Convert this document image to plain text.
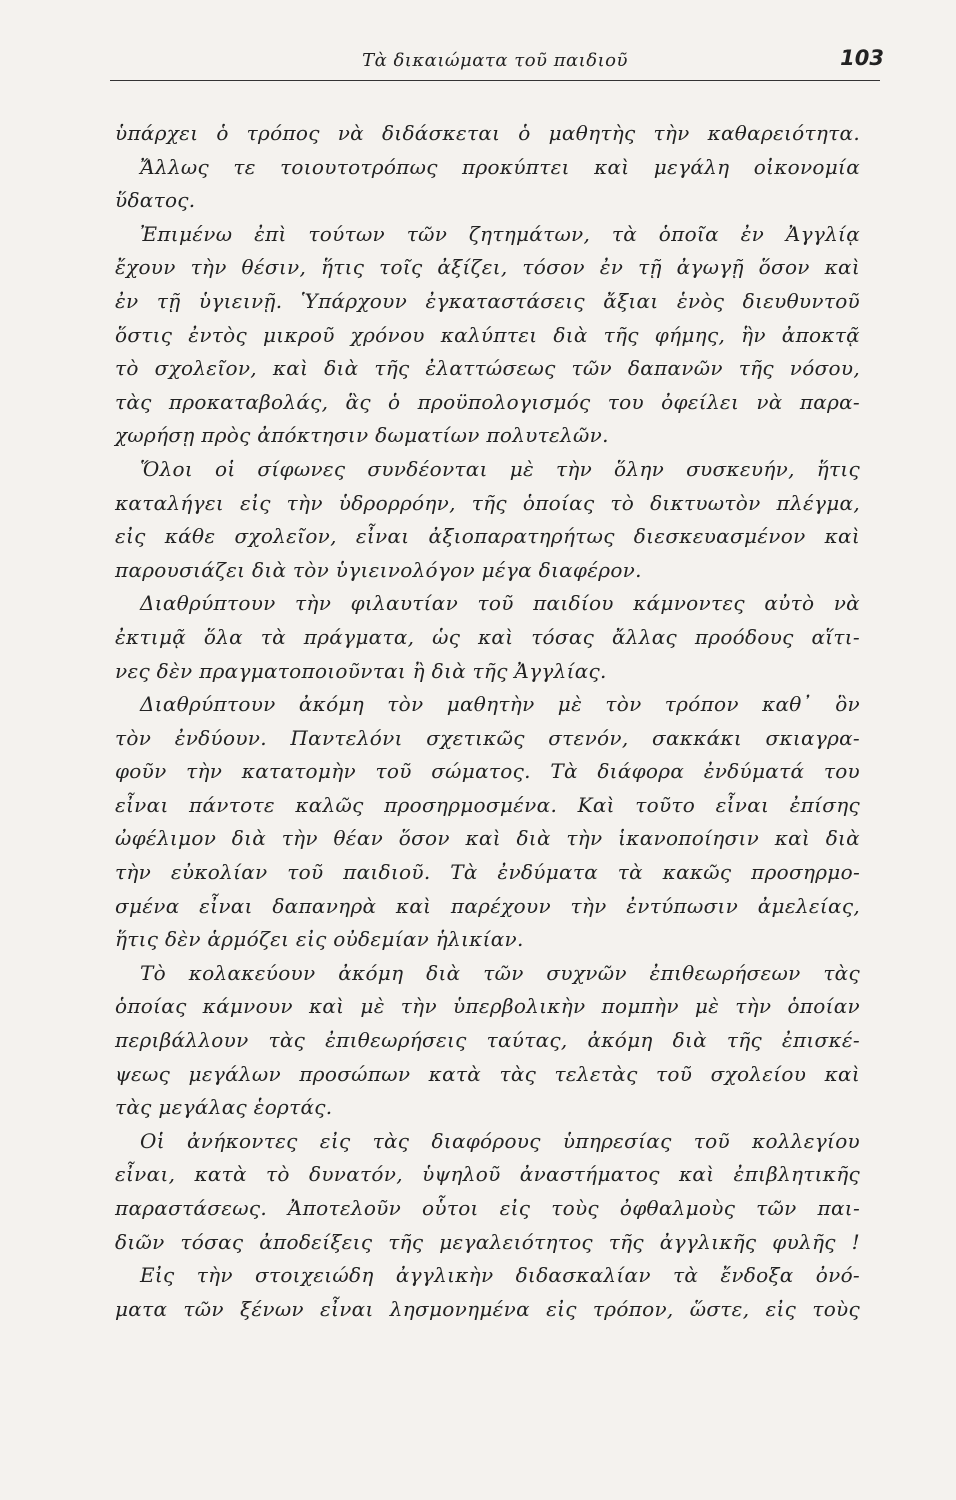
Τὰ δικαιώματα τοῦ παιδιοῦ	103
ὑπάρχει ὁ τρόπος νὰ διδάσκεται ὁ μαθητὴς τὴν καθαρειότητα.
Ἄλλως τε τοιουτοτρόπως προκύπτει καὶ μεγάλη οἰκονομία
ὕδατος.
Ἐπιμένω ἐπὶ τούτων τῶν ζητημάτων, τὰ ὁποῖα ἐν Ἀγγλίᾳ
ἔχουν τὴν θέσιν, ἥτις τοῖς ἀξίζει, τόσον ἐν τῇ ἀγωγῇ ὅσον καὶ
ἐν τῇ ὑγιεινῇ. Ὑπάρχουν ἐγκαταστάσεις ἄξιαι ἑνὸς διευθυντοῦ
ὅστις ἐντὸς μικροῦ χρόνου καλύπτει διὰ τῆς φήμης, ἣν ἀποκτᾷ
τὸ σχολεῖον, καὶ διὰ τῆς ἐλαττώσεως τῶν δαπανῶν τῆς νόσου,
τὰς προκαταβολάς, ἃς ὁ προϋπολογισμός του ὀφείλει νὰ παρα-
χωρήσῃ πρὸς ἀπόκτησιν δωματίων πολυτελῶν.
Ὅλοι οἱ σίφωνες συνδέονται μὲ τὴν ὅλην συσκευήν, ἥτις
καταλήγει εἰς τὴν ὑδρορρόην, τῆς ὁποίας τὸ δικτυωτὸν πλέγμα,
εἰς κάθε σχολεῖον, εἶναι ἀξιοπαρατηρήτως διεσκευασμένον καὶ
παρουσιάζει διὰ τὸν ὑγιεινολόγον μέγα διαφέρον.
Διαθρύπτουν τὴν φιλαυτίαν τοῦ παιδίου κάμνοντες αὐτὸ νὰ
ἐκτιμᾷ ὅλα τὰ πράγματα, ὡς καὶ τόσας ἄλλας προόδους αἵτι-
νες δὲν πραγματοποιοῦνται ἢ διὰ τῆς Ἀγγλίας.
Διαθρύπτουν ἀκόμη τὸν μαθητὴν μὲ τὸν τρόπον καθ᾽ ὃν
τὸν ἐνδύουν. Παντελόνι σχετικῶς στενόν, σακκάκι σκιαγρα-
φοῦν τὴν κατατομὴν τοῦ σώματος. Τὰ διάφορα ἐνδύματά του
εἶναι πάντοτε καλῶς προσηρμοσμένα. Καὶ τοῦτο εἶναι ἐπίσης
ὠφέλιμον διὰ τὴν θέαν ὅσον καὶ διὰ τὴν ἱκανοποίησιν καὶ διὰ
τὴν εὐκολίαν τοῦ παιδιοῦ. Τὰ ἐνδύματα τὰ κακῶς προσηρμο-
σμένα εἶναι δαπανηρὰ καὶ παρέχουν τὴν ἐντύπωσιν ἀμελείας,
ἥτις δὲν ἁρμόζει εἰς οὐδεμίαν ἡλικίαν.
Τὸ κολακεύουν ἀκόμη διὰ τῶν συχνῶν ἐπιθεωρήσεων τὰς
ὁποίας κάμνουν καὶ μὲ τὴν ὑπερβολικὴν πομπὴν μὲ τὴν ὁποίαν
περιβάλλουν τὰς ἐπιθεωρήσεις ταύτας, ἀκόμη διὰ τῆς ἐπισκέ-
ψεως μεγάλων προσώπων κατὰ τὰς τελετὰς τοῦ σχολείου καὶ
τὰς μεγάλας ἑορτάς.
Οἱ ἀνήκοντες εἰς τὰς διαφόρους ὑπηρεσίας τοῦ κολλεγίου
εἶναι, κατὰ τὸ δυνατόν, ὑψηλοῦ ἀναστήματος καὶ ἐπιβλητικῆς
παραστάσεως. Ἀποτελοῦν οὗτοι εἰς τοὺς ὀφθαλμοὺς τῶν παι-
διῶν τόσας ἀποδείξεις τῆς μεγαλειότητος τῆς ἀγγλικῆς φυλῆς !
Εἰς τὴν στοιχειώδη ἀγγλικὴν διδασκαλίαν τὰ ἔνδοξα ὀνό-
ματα τῶν ξένων εἶναι λησμονημένα εἰς τρόπον, ὥστε, εἰς τοὺς
